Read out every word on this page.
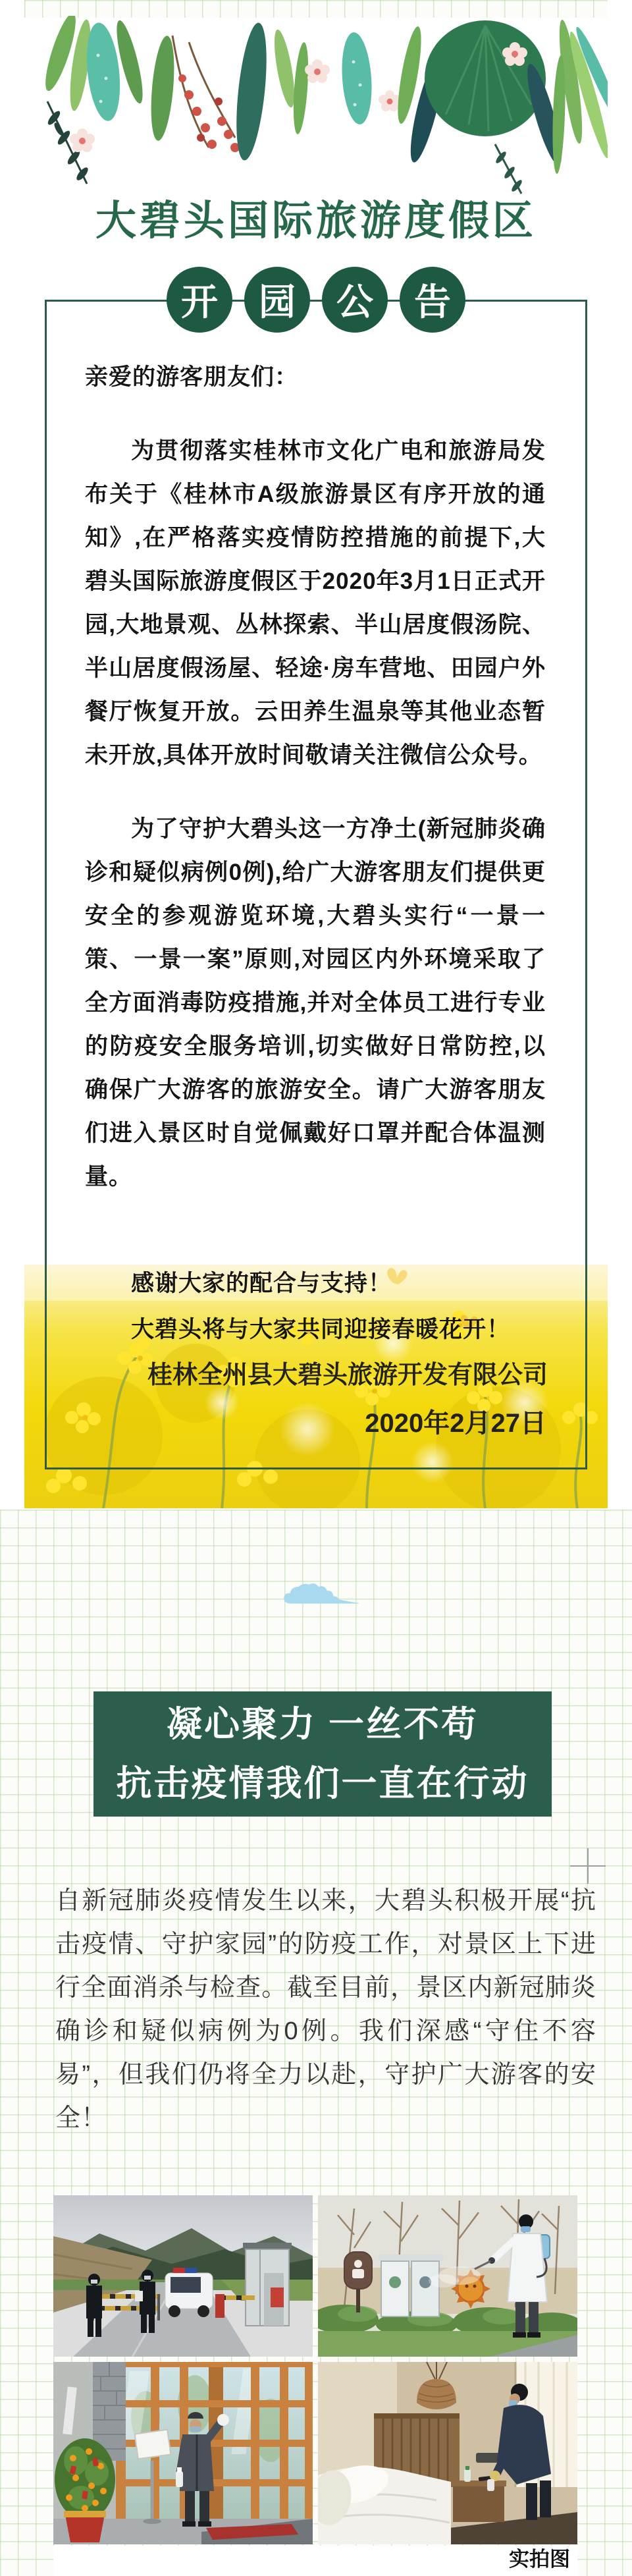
大碧头国际旅游度假区
开	园	公	告
桂林全州县大碧头旅游开发有限公司
2020年2月27日

亲爱的游客朋友们：

为贯彻落实桂林市文化广电和旅游局发布关于《桂林市A级旅游景区有序开放的通知》,在严格落实疫情防控措施的前提下,大碧头国际旅游度假区于2020年3月1日正式开园,大地景观、丛林探索、半山居度假汤院、半山居度假汤屋、轻途·房车营地、田园户外餐厅恢复开放。云田养生温泉等其他业态暂未开放,具体开放时间敬请关注微信公众号。

为了守护大碧头这一方净土(新冠肺炎确诊和疑似病例0例),给广大游客朋友们提供更安全的参观游览环境,大碧头实行“一景一策、一景一案”原则,对园区内外环境采取了全方面消毒防疫措施,并对全体员工进行专业的防疫安全服务培训,切实做好日常防控,以确保广大游客的旅游安全。请广大游客朋友们进入景区时自觉佩戴好口罩并配合体温测量。

感谢大家的配合与支持！

大碧头将与大家共同迎接春暖花开！

凝心聚力 一丝不苟
抗击疫情我们一直在行动
自新冠肺炎疫情发生以来，大碧头积极开展“抗击疫情、守护家园”的防疫工作，对景区上下进行全面消杀与检查。截至目前，景区内新冠肺炎确诊和疑似病例为0例。我们深感“守住不容易”，但我们仍将全力以赴，守护广大游客的安全！
实拍图
